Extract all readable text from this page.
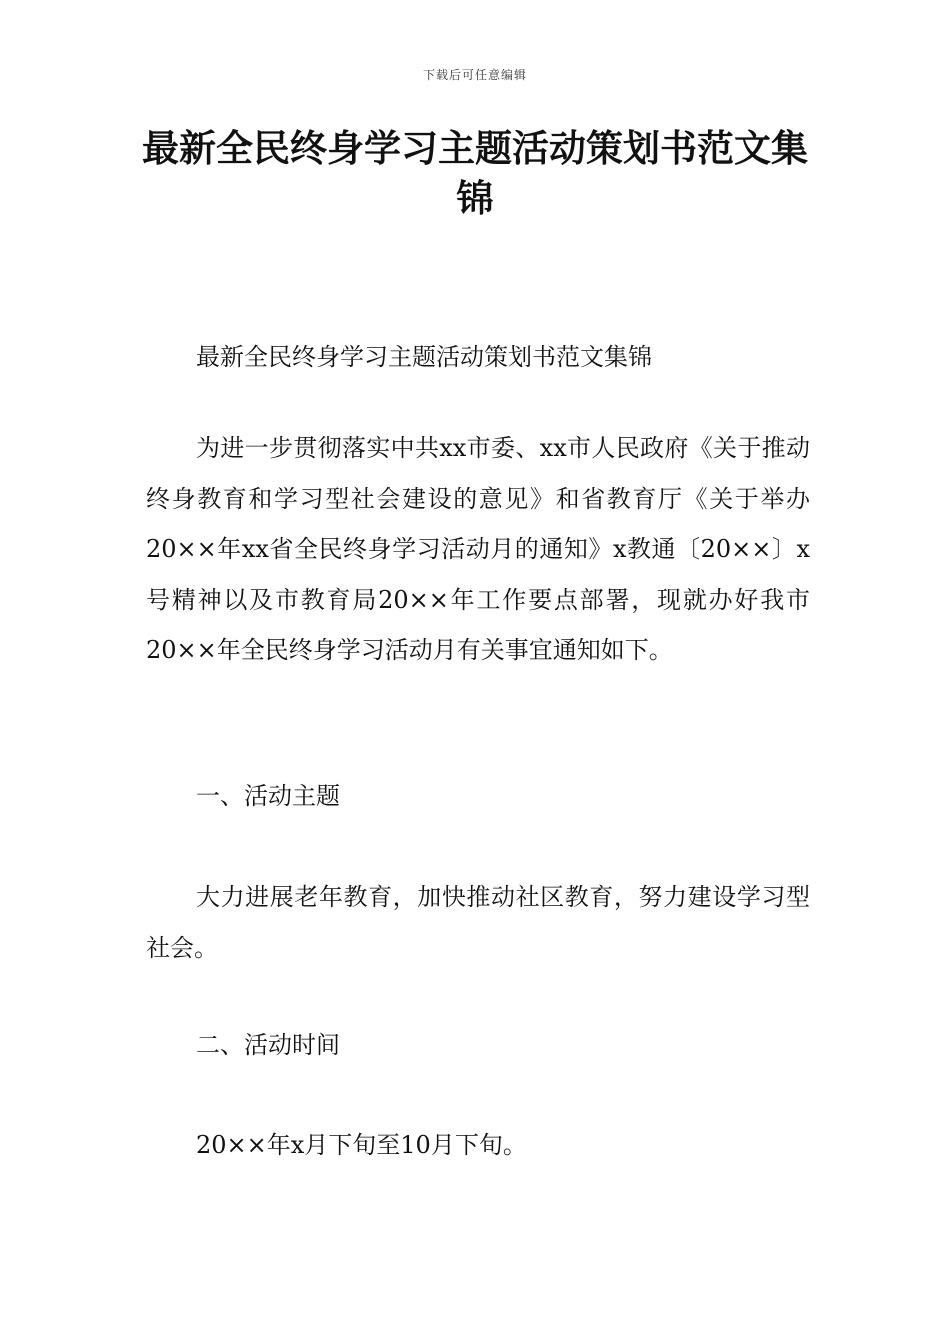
下载后可任意编辑
最新全民终身学习主题活动策划书范文集锦

最新全民终身学习主题活动策划书范文集锦

为进一步贯彻落实中共xx市委、xx市人民政府《关于推动终身教育和学习型社会建设的意见》和省教育厅《关于举办20××年xx省全民终身学习活动月的通知》x教通〔20××〕x号精神以及市教育局20××年工作要点部署，现就办好我市20××年全民终身学习活动月有关事宜通知如下。

一、活动主题

大力进展老年教育，加快推动社区教育，努力建设学习型社会。

二、活动时间

20××年x月下旬至10月下旬。
